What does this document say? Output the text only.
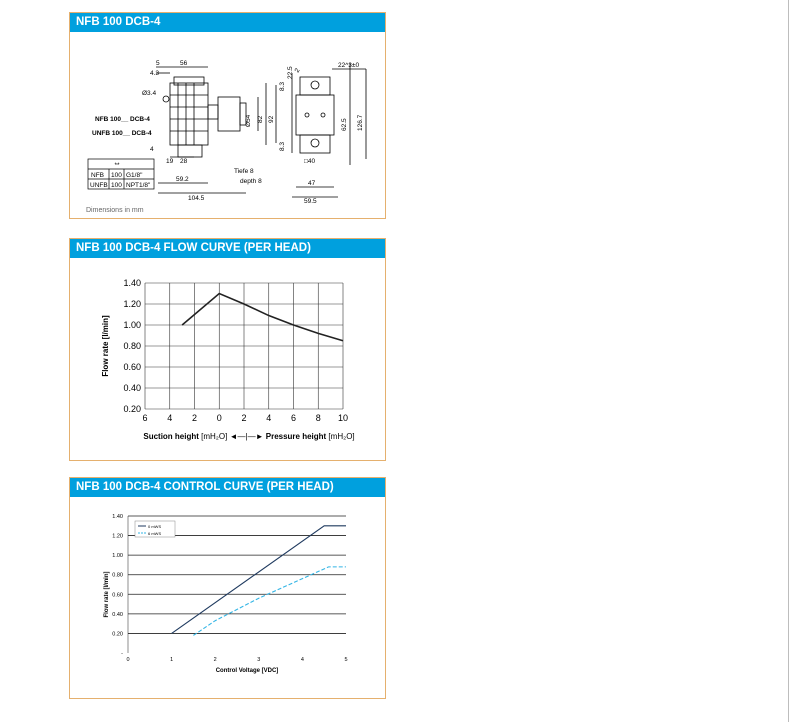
NFB 100 DCB-4
5	56
4.3
Ø3.4
NFB 100__ DCB-4
UNFB 100__ DCB-4
Ø54 82 92
19 28
59.2
104.5
4
Tiefe 8
depth 8
8.3
8.3
22.5 2
22^3±0
62.5 126.7
□40
47
59.5
**
NFB 100 G1/8"
UNFB 100 NPT1/8"
Dimensions in mm
NFB 100 DCB-4 FLOW CURVE (PER HEAD)
0.20
0.40
0.60
0.80
1.00
1.20
1.40
6 4 2 0 2 4 6 8 10
Flow rate [l/min]
Suction height [mH₂O] ◄—|—► Pressure height [mH₂O]
NFB 100 DCB-4 CONTROL CURVE (PER HEAD)
-
0.20
0.40
0.60
0.80
1.00
1.20
1.40
0	1	2	3	4	5
Flow rate [l/min]
Control Voltage [VDC]
0 mWS
6 mWS
